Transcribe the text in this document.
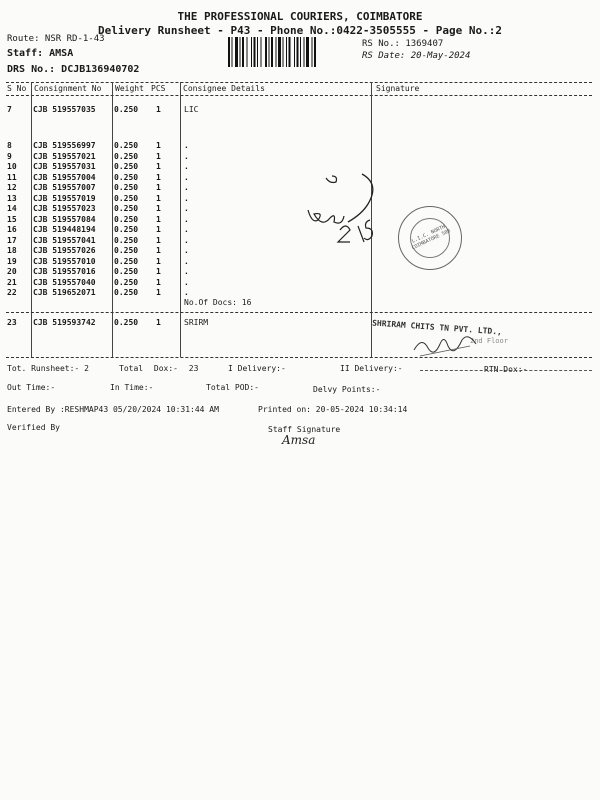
THE PROFESSIONAL COURIERS, COIMBATORE
Delivery Runsheet - P43 - Phone No.:0422-3505555 - Page No.:2
Route: NSR RD-1-43
Staff: AMSA
DRS No.: DCJB136940702
RS No.: 1369407
RS Date: 20-May-2024
S No Consignment No Weight PCS Consignee Details	Signature
7	CJB 519557035 0.250 1	LIC
8	CJB 519556997 0.250 1	.
9	CJB 519557021 0.250 1	.
10 CJB 519557031 0.250 1	.
11 CJB 519557004 0.250 1	.
12 CJB 519557007 0.250 1	.
13 CJB 519557019 0.250 1	.
14 CJB 519557023 0.250 1	.
15 CJB 519557084 0.250 1	.
16 CJB 519448194 0.250 1	.
17 CJB 519557041 0.250 1	.
18 CJB 519557026 0.250 1	.
19 CJB 519557010 0.250 1	.
20 CJB 519557016 0.250 1	.
21 CJB 519557040 0.250 1	.
22 CJB 519652071 0.250 1	.
No.Of Docs: 16
23 CJB 519593742 0.250 1	SRIRM
L.I.C. NORTH COIMBATORE 508
SHRIRAM CHITS TN PVT. LTD.,
2nd Floor
Tot. Runsheet:- 2	Total Dox:- 23	I Delivery:-	II Delivery:-	RTN Dox:-
Out Time:-	In Time:-	Total POD:-	Delvy Points:-
Entered By :RESHMAP43 05/20/2024 10:31:44 AM	Printed on: 20-05-2024 10:34:14
Verified By	Staff Signature
Amsa
